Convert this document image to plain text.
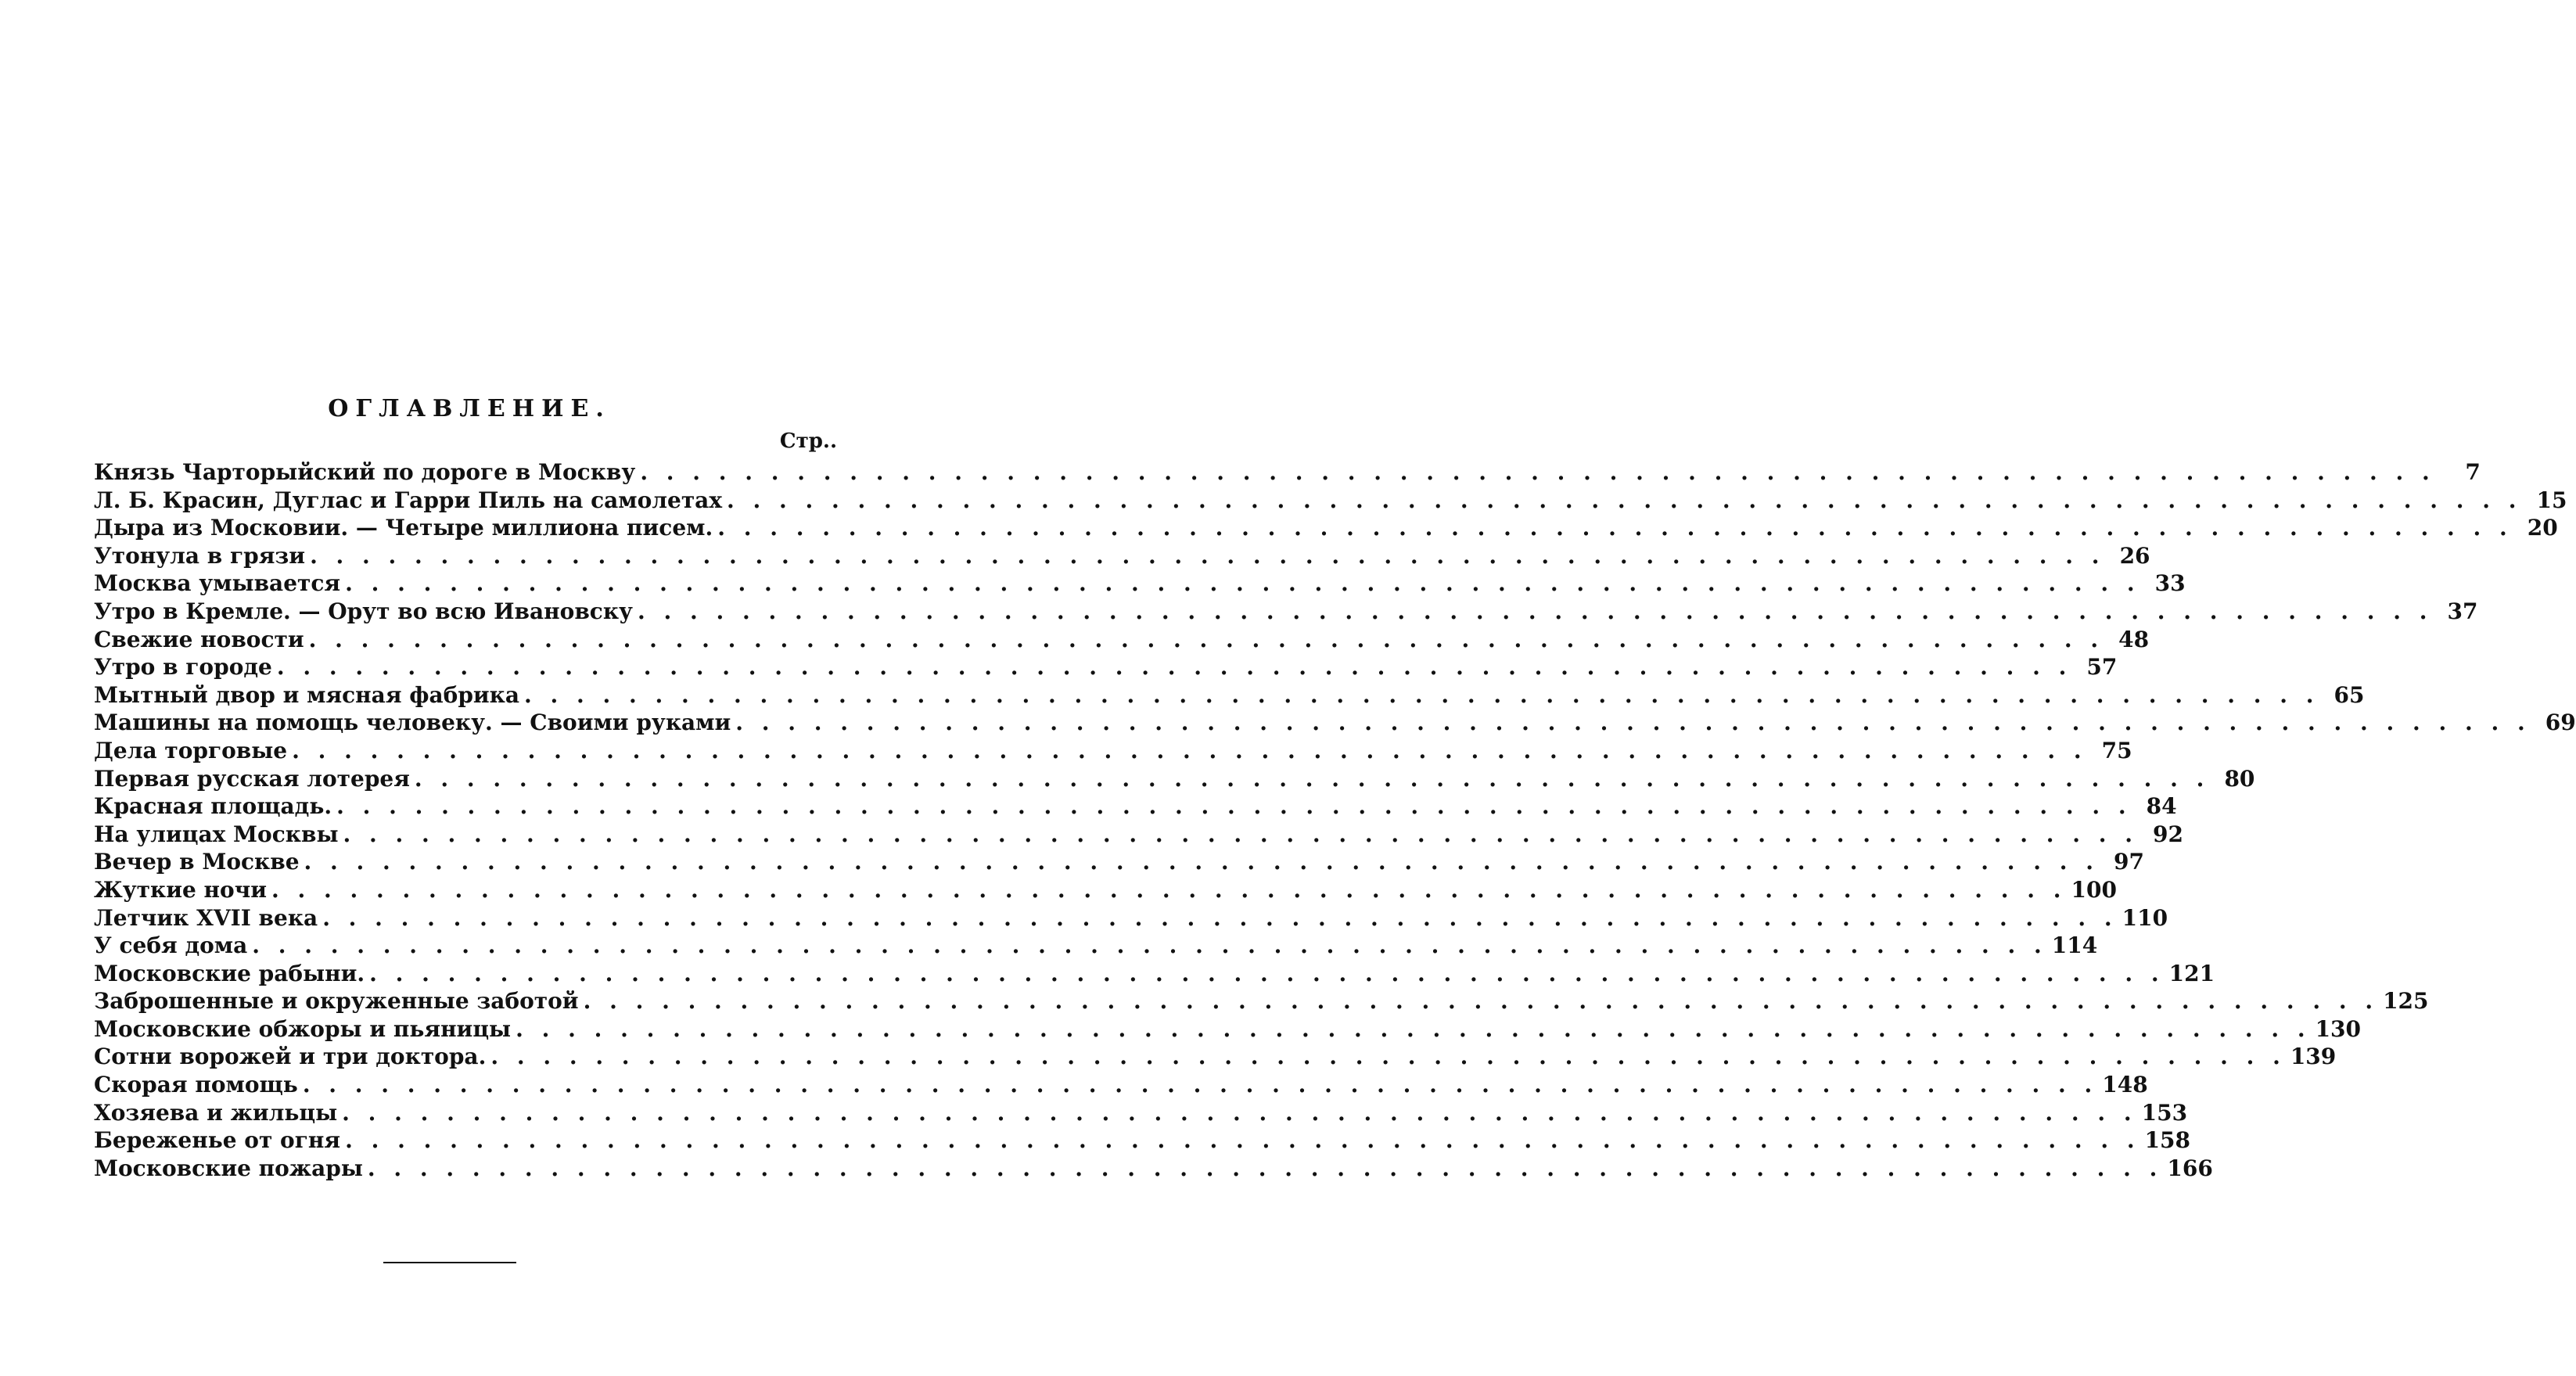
ОГЛАВЛЕНИЕ.
Стр..
Князь Чарторыйский по дороге в Москву . . .	7
Л. Б. Красин, Дуглас и Гарри Пиль на самолетах . . .	15
Дыра из Московии. — Четыре миллиона писем. . . .	20
Утонула в грязи . . .	26
Москва умывается . . .	33
Утро в Кремле. — Орут во всю Ивановску . . .	37
Свежие новости . . .	48
Утро в городе . . .	57
Мытный двор и мясная фабрика . . .	65
Машины на помощь человеку. — Своими руками . . .	69
Дела торговые . . .	75
Первая русская лотерея . . .	80
Красная площадь. . . .	84
На улицах Москвы . . .	92
Вечер в Москве . . .	97
Жуткие ночи . . .	100
Летчик XVII века . . .	110
У себя дома . . .	114
Московские рабыни. . . .	121
Заброшенные и окруженные заботой . . .	125
Московские обжоры и пьяницы . . .	130
Сотни ворожей и три доктора. . . .	139
Скорая помощь . . .	148
Хозяева и жильцы . . .	153
Береженье от огня . . .	158
Московские пожары . . .	166
